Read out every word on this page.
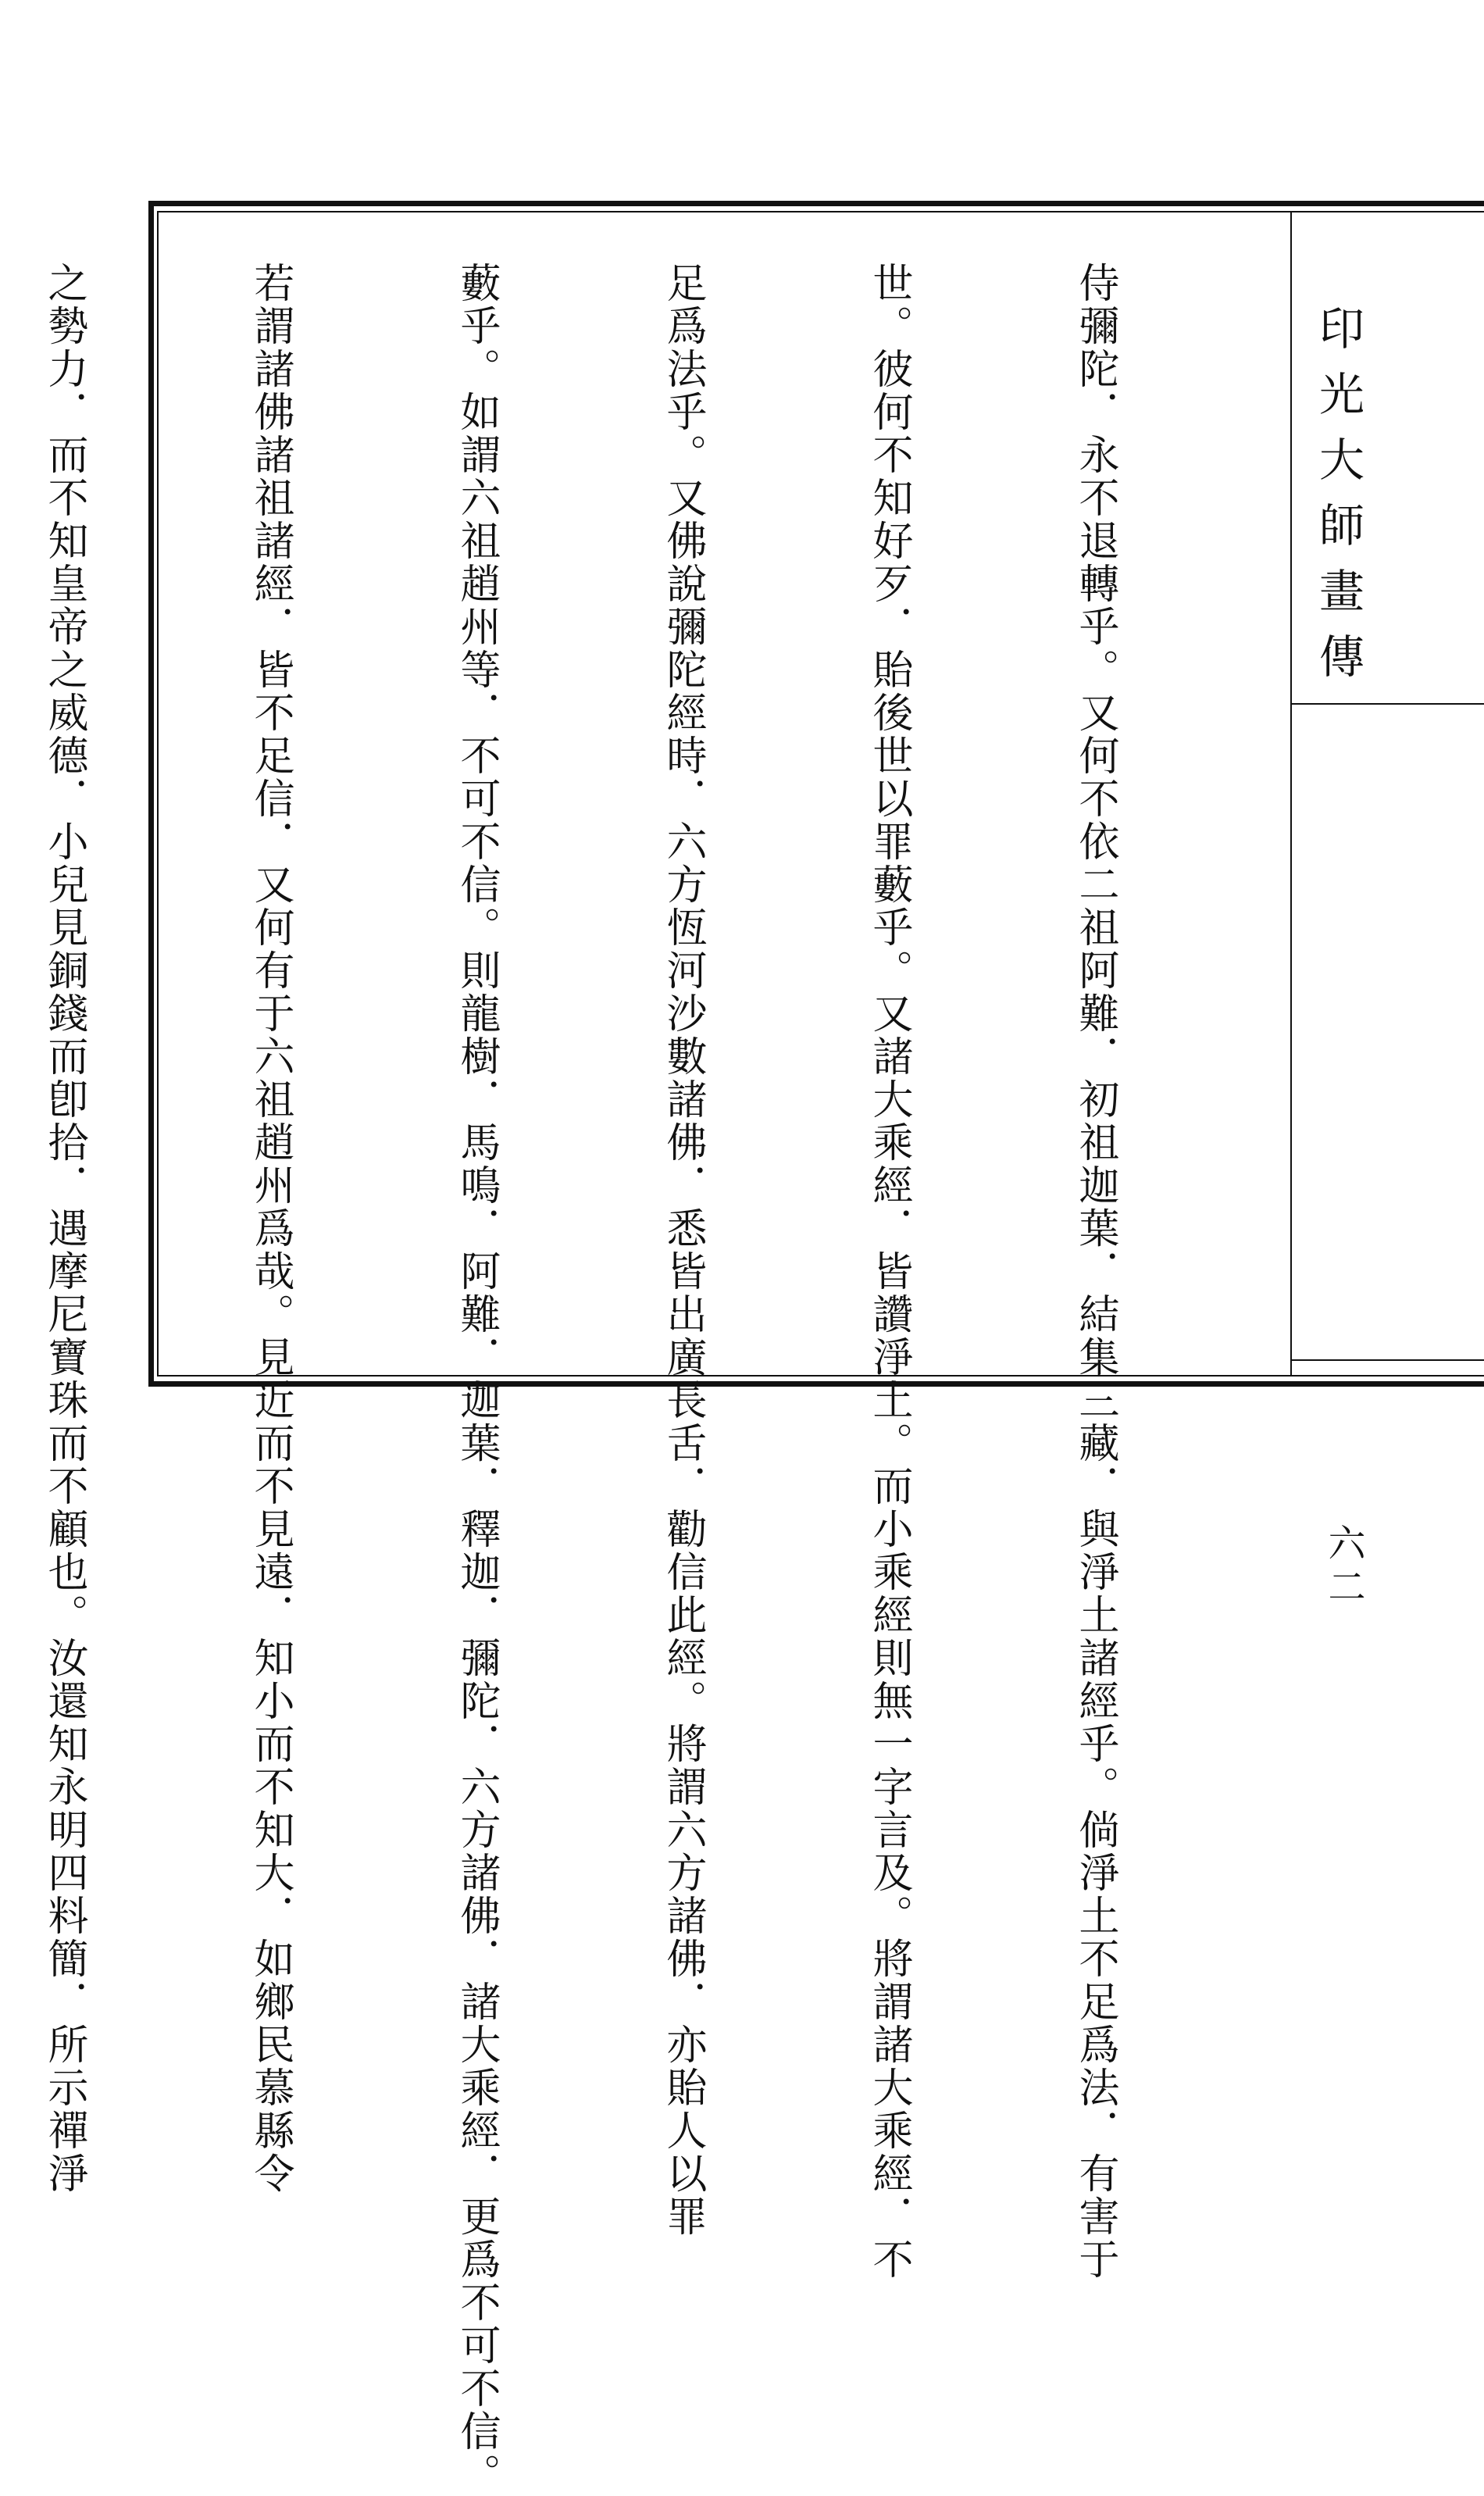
印光大師畫傳
六二

侍彌陀．永不退轉乎。又何不依二祖阿難．初祖迦葉．結集三藏．與淨土諸經乎。倘淨土不足爲法．有害于

世。彼何不知好歹．貽後世以罪藪乎。又諸大乘經．皆讚淨土。而小乘經則無一字言及。將謂諸大乘經．不

足爲法乎。又佛說彌陀經時．六方恆河沙數諸佛．悉皆出廣長舌．勸信此經。將謂六方諸佛．亦貽人以罪

藪乎。如謂六祖趙州等．不可不信。則龍樹．馬鳴．阿難．迦葉．釋迦．彌陀．六方諸佛．諸大乘經．更爲不可不信。

若謂諸佛諸祖諸經．皆不足信．又何有于六祖趙州爲哉。見近而不見遠．知小而不知大．如鄉民慕縣令

之勢力．而不知皇帝之威德．小兒見銅錢而卽拾．遇摩尼寶珠而不顧也。汝還知永明四料簡．所示禪淨
